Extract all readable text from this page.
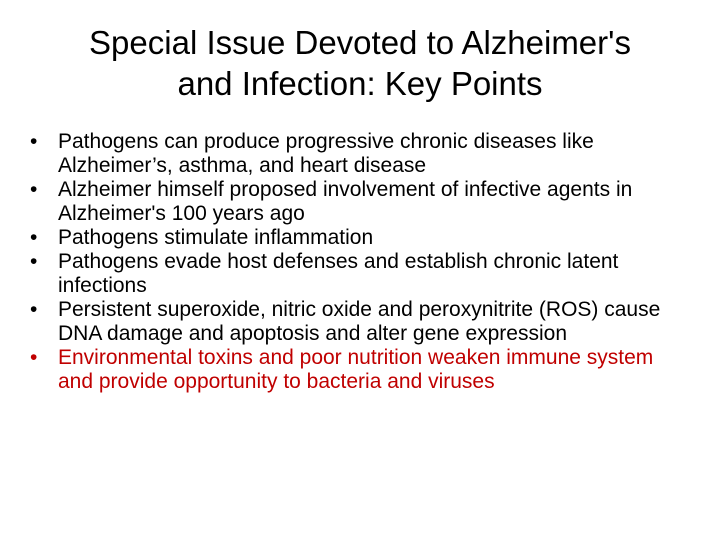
Special Issue Devoted to Alzheimer's
and Infection: Key Points
• Pathogens can produce progressive chronic diseases like Alzheimer’s, asthma, and heart disease
• Alzheimer himself proposed involvement of infective agents in Alzheimer's 100 years ago
• Pathogens stimulate inflammation
• Pathogens evade host defenses and establish chronic latent infections
• Persistent superoxide, nitric oxide and peroxynitrite (ROS) cause DNA damage and apoptosis and alter gene expression
• Environmental toxins and poor nutrition weaken immune system and provide opportunity to bacteria and viruses
